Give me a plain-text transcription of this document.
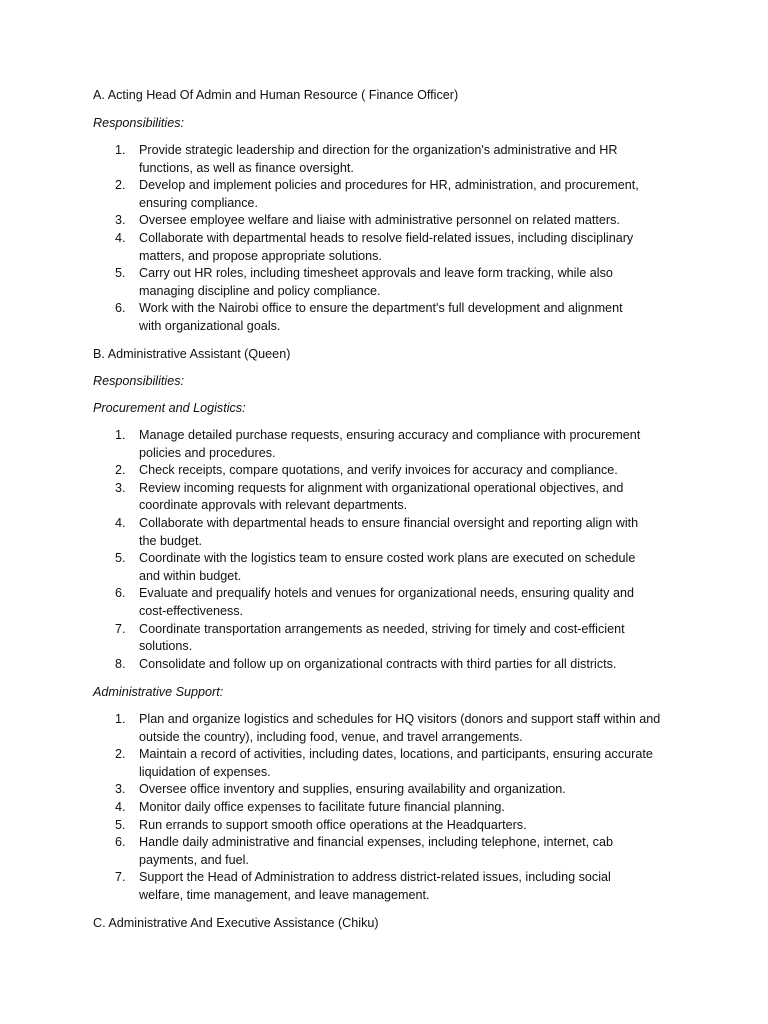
A. Acting Head Of Admin and Human Resource ( Finance Officer)
Responsibilities:
1.	Provide strategic leadership and direction for the organization's administrative and HR
functions, as well as finance oversight.
2.	Develop and implement policies and procedures for HR, administration, and procurement,
ensuring compliance.
3.	Oversee employee welfare and liaise with administrative personnel on related matters.
4.	Collaborate with departmental heads to resolve field-related issues, including disciplinary
matters, and propose appropriate solutions.
5.	Carry out HR roles, including timesheet approvals and leave form tracking, while also
managing discipline and policy compliance.
6.	Work with the Nairobi office to ensure the department's full development and alignment
with organizational goals.
B. Administrative Assistant (Queen)
Responsibilities:
Procurement and Logistics:
1.	Manage detailed purchase requests, ensuring accuracy and compliance with procurement
policies and procedures.
2.	Check receipts, compare quotations, and verify invoices for accuracy and compliance.
3.	Review incoming requests for alignment with organizational operational objectives, and
coordinate approvals with relevant departments.
4.	Collaborate with departmental heads to ensure financial oversight and reporting align with
the budget.
5.	Coordinate with the logistics team to ensure costed work plans are executed on schedule
and within budget.
6.	Evaluate and prequalify hotels and venues for organizational needs, ensuring quality and
cost-effectiveness.
7.	Coordinate transportation arrangements as needed, striving for timely and cost-efficient
solutions.
8.	Consolidate and follow up on organizational contracts with third parties for all districts.
Administrative Support:
1.	Plan and organize logistics and schedules for HQ visitors (donors and support staff within and
outside the country), including food, venue, and travel arrangements.
2.	Maintain a record of activities, including dates, locations, and participants, ensuring accurate
liquidation of expenses.
3.	Oversee office inventory and supplies, ensuring availability and organization.
4.	Monitor daily office expenses to facilitate future financial planning.
5.	Run errands to support smooth office operations at the Headquarters.
6.	Handle daily administrative and financial expenses, including telephone, internet, cab
payments, and fuel.
7.	Support the Head of Administration to address district-related issues, including social
welfare, time management, and leave management.
C. Administrative And Executive Assistance (Chiku)
